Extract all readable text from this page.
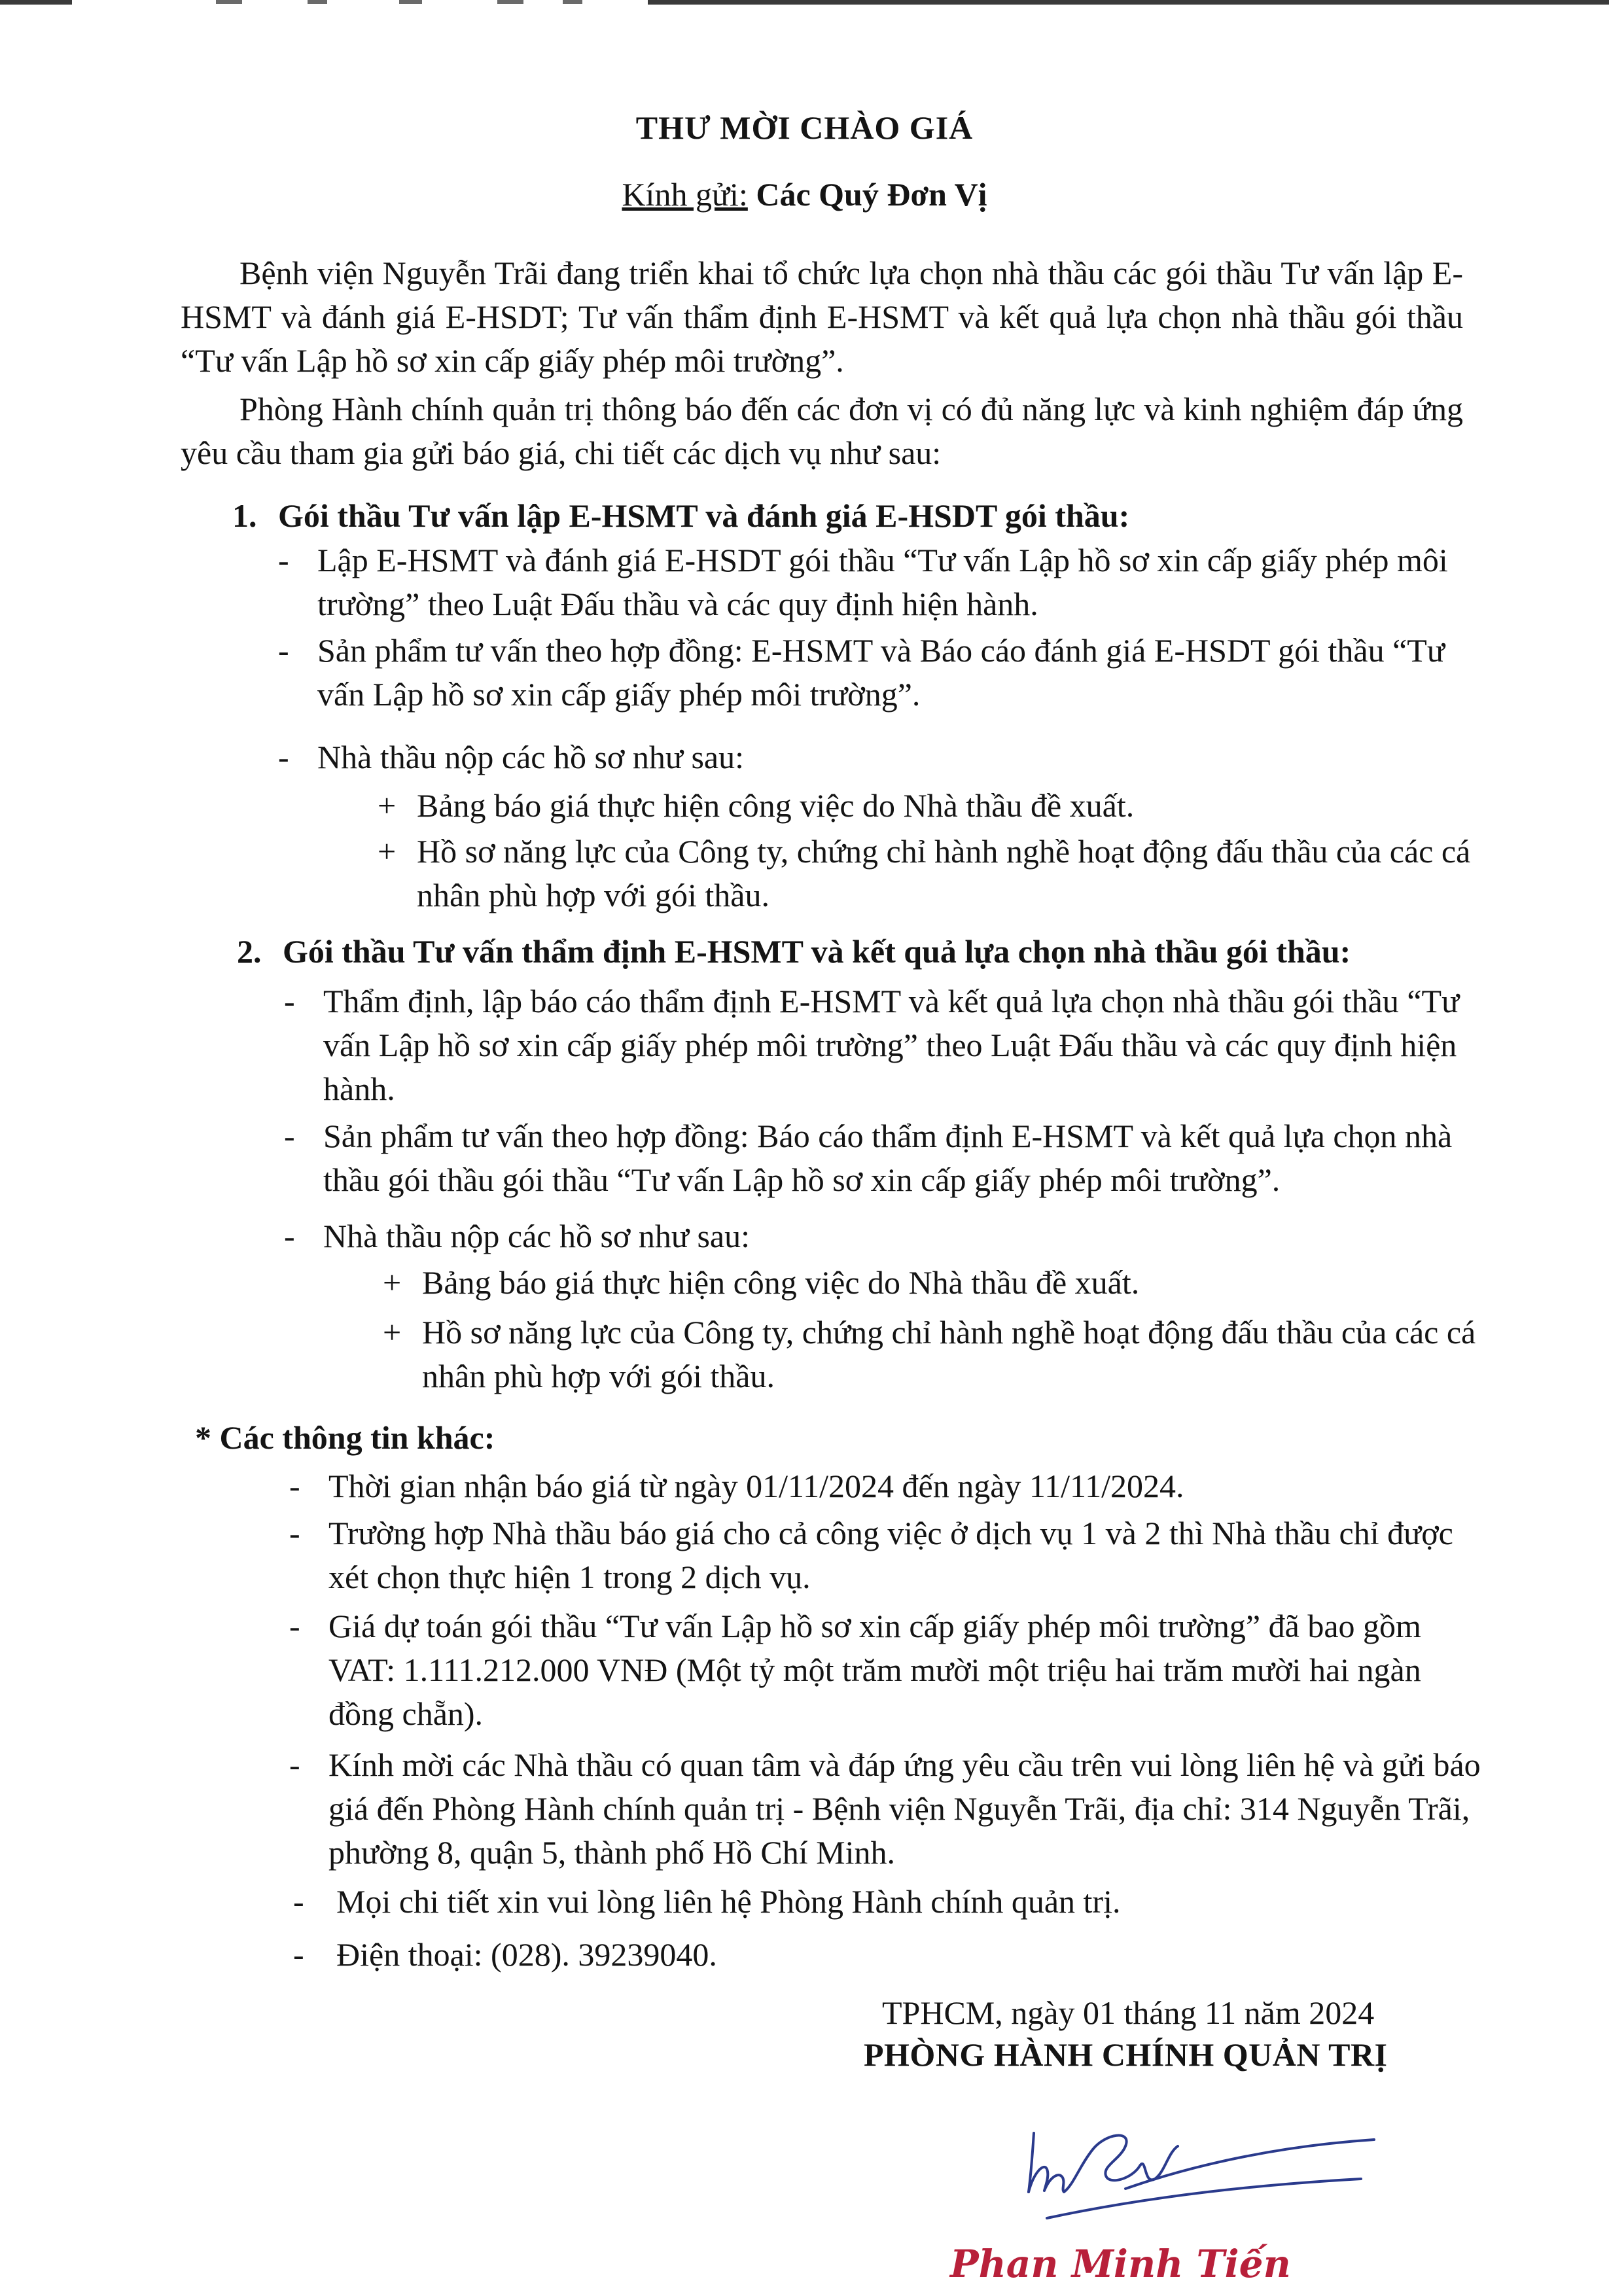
THƯ MỜI CHÀO GIÁ
Kính gửi: Các Quý Đơn Vị

Bệnh viện Nguyễn Trãi đang triển khai tổ chức lựa chọn nhà thầu các gói thầu Tư vấn lập E-HSMT và đánh giá E-HSDT; Tư vấn thẩm định E-HSMT và kết quả lựa chọn nhà thầu gói thầu “Tư vấn Lập hồ sơ xin cấp giấy phép môi trường”.

Phòng Hành chính quản trị thông báo đến các đơn vị có đủ năng lực và kinh nghiệm đáp ứng yêu cầu tham gia gửi báo giá, chi tiết các dịch vụ như sau:

1. Gói thầu Tư vấn lập E-HSMT và đánh giá E-HSDT gói thầu:
- Lập E-HSMT và đánh giá E-HSDT gói thầu “Tư vấn Lập hồ sơ xin cấp giấy phép môi trường” theo Luật Đấu thầu và các quy định hiện hành.
- Sản phẩm tư vấn theo hợp đồng: E-HSMT và Báo cáo đánh giá E-HSDT gói thầu “Tư vấn Lập hồ sơ xin cấp giấy phép môi trường”.
- Nhà thầu nộp các hồ sơ như sau:
+ Bảng báo giá thực hiện công việc do Nhà thầu đề xuất.
+ Hồ sơ năng lực của Công ty, chứng chỉ hành nghề hoạt động đấu thầu của các cá nhân phù hợp với gói thầu.
2. Gói thầu Tư vấn thẩm định E-HSMT và kết quả lựa chọn nhà thầu gói thầu:
- Thẩm định, lập báo cáo thẩm định E-HSMT và kết quả lựa chọn nhà thầu gói thầu “Tư vấn Lập hồ sơ xin cấp giấy phép môi trường” theo Luật Đấu thầu và các quy định hiện hành.
- Sản phẩm tư vấn theo hợp đồng: Báo cáo thẩm định E-HSMT và kết quả lựa chọn nhà thầu gói thầu gói thầu “Tư vấn Lập hồ sơ xin cấp giấy phép môi trường”.
- Nhà thầu nộp các hồ sơ như sau:
+ Bảng báo giá thực hiện công việc do Nhà thầu đề xuất.
+ Hồ sơ năng lực của Công ty, chứng chỉ hành nghề hoạt động đấu thầu của các cá nhân phù hợp với gói thầu.
* Các thông tin khác:
- Thời gian nhận báo giá từ ngày 01/11/2024 đến ngày 11/11/2024.
- Trường hợp Nhà thầu báo giá cho cả công việc ở dịch vụ 1 và 2 thì Nhà thầu chỉ được xét chọn thực hiện 1 trong 2 dịch vụ.
- Giá dự toán gói thầu “Tư vấn Lập hồ sơ xin cấp giấy phép môi trường” đã bao gồm VAT: 1.111.212.000 VNĐ (Một tỷ một trăm mười một triệu hai trăm mười hai ngàn đồng chẵn).
- Kính mời các Nhà thầu có quan tâm và đáp ứng yêu cầu trên vui lòng liên hệ và gửi báo giá đến Phòng Hành chính quản trị - Bệnh viện Nguyễn Trãi, địa chỉ: 314 Nguyễn Trãi, phường 8, quận 5, thành phố Hồ Chí Minh.
- Mọi chi tiết xin vui lòng liên hệ Phòng Hành chính quản trị.
- Điện thoại: (028). 39239040.
TPHCM, ngày 01 tháng 11 năm 2024
PHÒNG HÀNH CHÍNH QUẢN TRỊ
Phan Minh Tiến
